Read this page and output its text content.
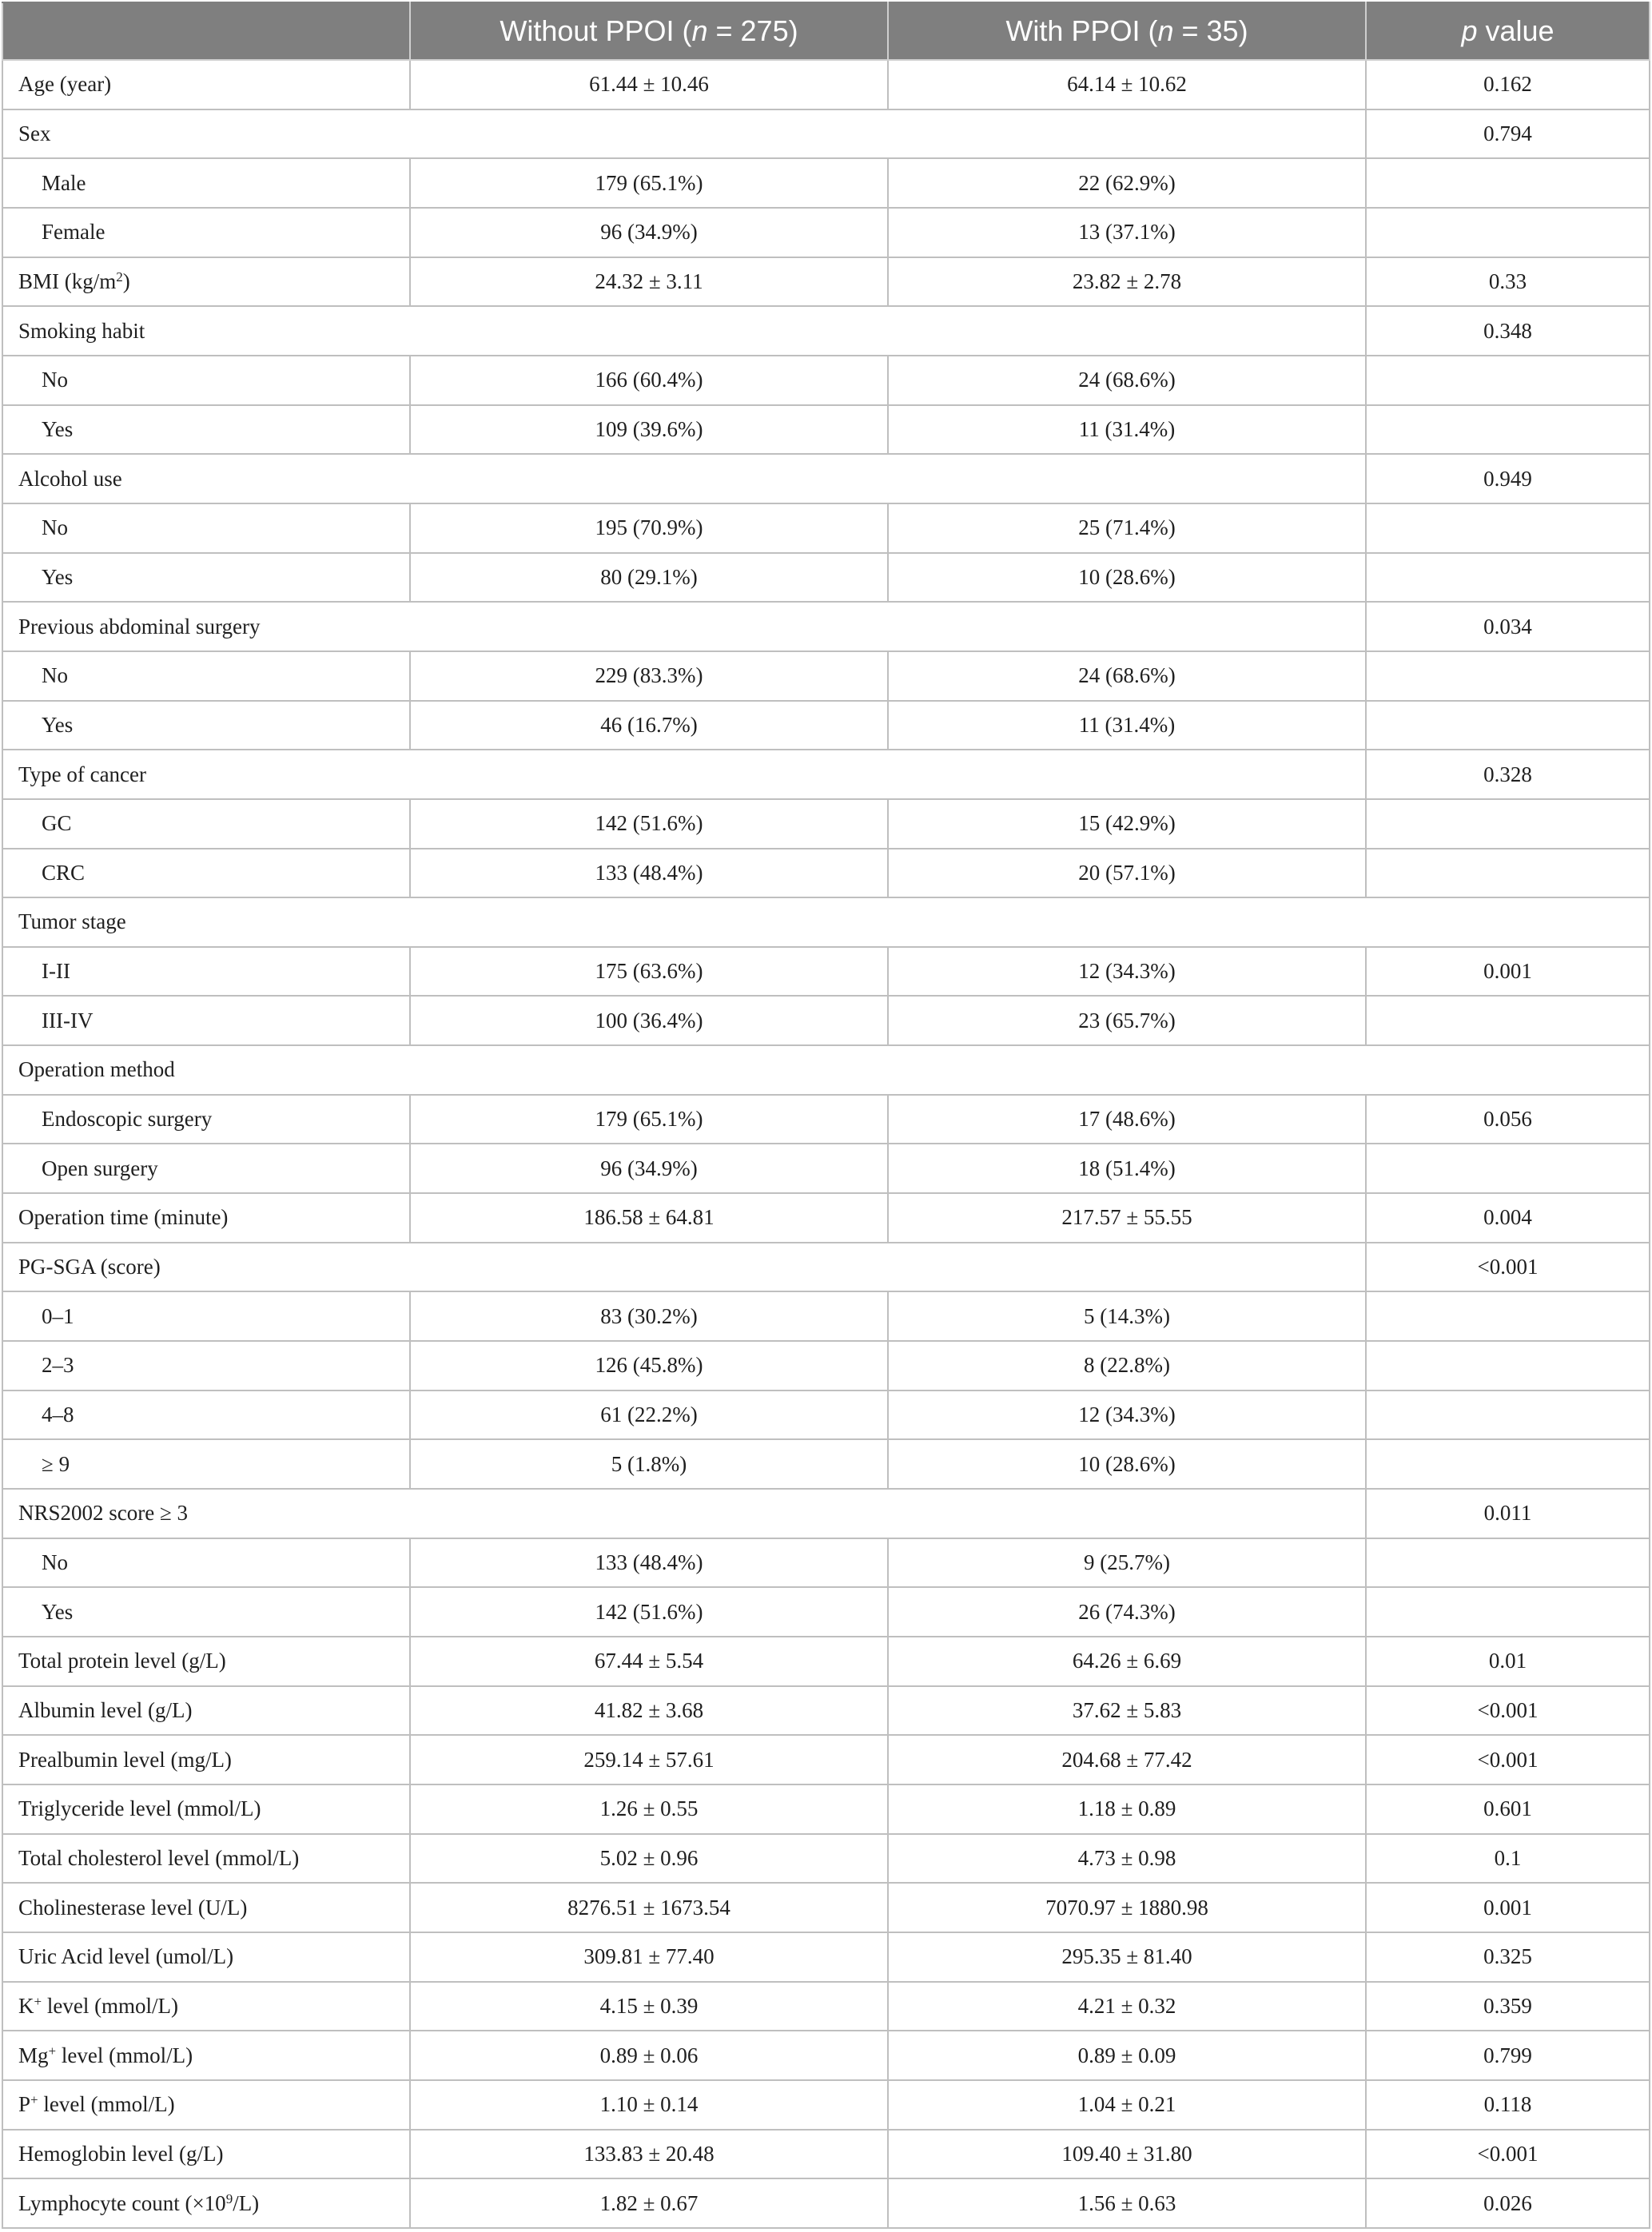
	Without PPOI (n = 275)	With PPOI (n = 35)	p value
Age (year)	61.44 ± 10.46	64.14 ± 10.62	0.162
Sex			0.794
Male	179 (65.1%)	22 (62.9%)	
Female	96 (34.9%)	13 (37.1%)	
BMI $(kg/m^2)$	24.32 ± 3.11	23.82 ± 2.78	0.33
Smoking habit			0.348
No	166 (60.4%)	24 (68.6%)	
Yes	109 (39.6%)	11 (31.4%)	
Alcohol use			0.949
No	195 (70.9%)	25 (71.4%)	
Yes	80 (29.1%)	10 (28.6%)	
Previous abdominal surgery			0.034
No	229 (83.3%)	24 (68.6%)	
Yes	46 (16.7%)	11 (31.4%)	
Type of cancer			0.328
GC	142 (51.6%)	15 (42.9%)	
CRC	133 (48.4%)	20 (57.1%)	
Tumor stage			
I-II	175 (63.6%)	12 (34.3%)	0.001
III-IV	100 (36.4%)	23 (65.7%)	
Operation method			
Endoscopic surgery	179 (65.1%)	17 (48.6%)	0.056
Open surgery	96 (34.9%)	18 (51.4%)	
Operation time (minute)	186.58 ± 64.81	217.57 ± 55.55	0.004
PG-SGA (score)			<0.001
0–1	83 (30.2%)	5 (14.3%)	
2–3	126 (45.8%)	8 (22.8%)	
4–8	61 (22.2%)	12 (34.3%)	
≥ 9	5 (1.8%)	10 (28.6%)	
NRS2002 score ≥ 3			0.011
No	133 (48.4%)	9 (25.7%)	
Yes	142 (51.6%)	26 (74.3%)	
Total protein level (g/L)	67.44 ± 5.54	64.26 ± 6.69	0.01
Albumin level (g/L)	41.82 ± 3.68	37.62 ± 5.83	<0.001
Prealbumin level (mg/L)	259.14 ± 57.61	204.68 ± 77.42	<0.001
Triglyceride level (mmol/L)	1.26 ± 0.55	1.18 ± 0.89	0.601
Total cholesterol level (mmol/L)	5.02 ± 0.96	4.73 ± 0.98	0.1
Cholinesterase level (U/L)	8276.51 ± 1673.54	7070.97 ± 1880.98	0.001
Uric Acid level (umol/L)	309.81 ± 77.40	295.35 ± 81.40	0.325
K+ level (mmol/L)	4.15 ± 0.39	4.21 ± 0.32	0.359
Mg+ level (mmol/L)	0.89 ± 0.06	0.89 ± 0.09	0.799
P+ level (mmol/L)	1.10 ± 0.14	1.04 ± 0.21	0.118
Hemoglobin level (g/L)	133.83 ± 20.48	109.40 ± 31.80	<0.001
Lymphocyte count $(\times 10^9/L)$	1.82 ± 0.67	1.56 ± 0.63	0.026
